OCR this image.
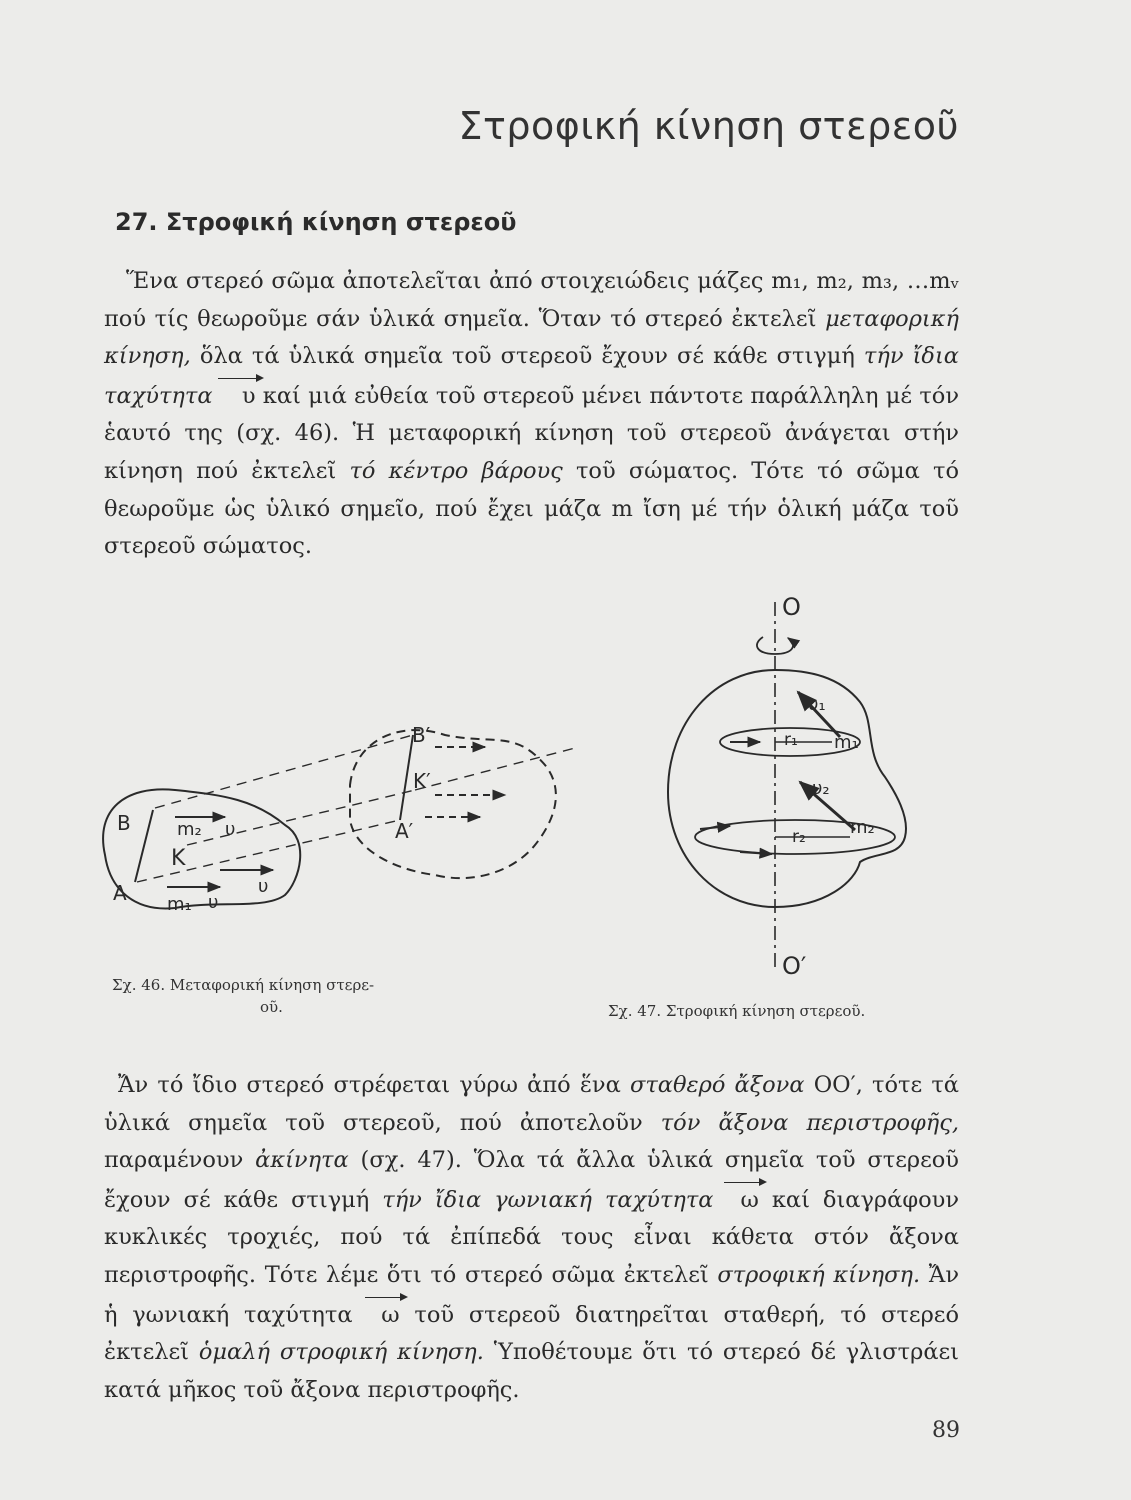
Στροφική κίνηση στερεοῦ
27. Στροφική κίνηση στερεοῦ

Ἕνα στερεό σῶμα ἀποτελεῖται ἀπό στοιχειώδεις μάζες m₁, m₂, m₃, …mᵥ πού τίς θεωροῦμε σάν ὑλικά σημεῖα. Ὅταν τό στερεό ἐκτελεῖ μεταφορική κίνηση, ὅλα τά ὑλικά σημεῖα τοῦ στερεοῦ ἔχουν σέ κάθε στιγμή τήν ἴδια ταχύτητα υ καί μιά εὐθεία τοῦ στερεοῦ μένει πάντοτε παράλληλη μέ τόν ἑαυτό της (σχ. 46). Ἡ μεταφορική κίνηση τοῦ στερεοῦ ἀνάγεται στήν κίνηση πού ἐκτελεῖ τό κέντρο βάρους τοῦ σώματος. Τότε τό σῶμα τό θεωροῦμε ὡς ὑλικό σημεῖο, πού ἔχει μάζα m ἴση μέ τήν ὁλική μάζα τοῦ στερεοῦ σώματος.

B	m₂ υ
K
υ
Α m₁ υ
B′
K′
Α′
Σχ. 46. Μεταφορική κίνηση στερε-
οῦ.
O
O′
υ₁
r₁ m₁
υ₂
r₂ m₂
Σχ. 47. Στροφική κίνηση στερεοῦ.

Ἄν τό ἴδιο στερεό στρέφεται γύρω ἀπό ἕνα σταθερό ἄξονα ΟΟ′, τότε τά ὑλικά σημεῖα τοῦ στερεοῦ, πού ἀποτελοῦν τόν ἄξονα περιστροφῆς, παραμένουν ἀκίνητα (σχ. 47). Ὅλα τά ἄλλα ὑλικά σημεῖα τοῦ στερεοῦ ἔχουν σέ κάθε στιγμή τήν ἴδια γωνιακή ταχύτητα ω καί διαγράφουν κυκλικές τροχιές, πού τά ἐπίπεδά τους εἶναι κάθετα στόν ἄξονα περιστροφῆς. Τότε λέμε ὅτι τό στερεό σῶμα ἐκτελεῖ στροφική κίνηση. Ἄν ἡ γωνιακή ταχύτητα ω τοῦ στερεοῦ διατηρεῖται σταθερή, τό στερεό ἐκτελεῖ ὁμαλή στροφική κίνηση. Ὑποθέτουμε ὅτι τό στερεό δέ γλιστράει κατά μῆκος τοῦ ἄξονα περιστροφῆς.

89
